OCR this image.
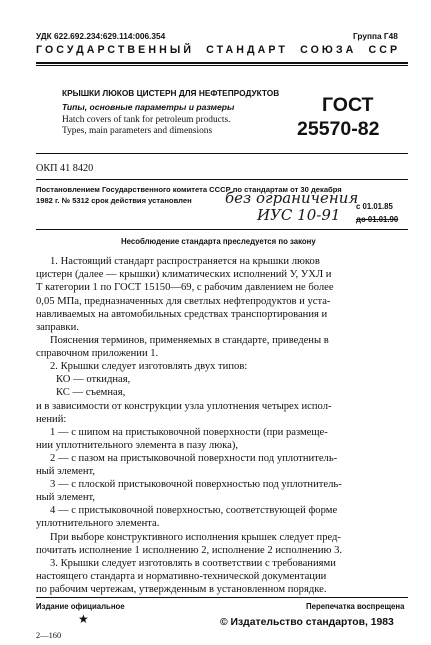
УДК 622.692.234:629.114:006.354	Группа Г48
ГОСУДАРСТВЕННЫЙ  СТАНДАРТ  СОЮЗА  ССР
КРЫШКИ ЛЮКОВ ЦИСТЕРН ДЛЯ НЕФТЕПРОДУКТОВ
Типы, основные параметры и размеры
Hatch covers of tank for petroleum products.
Types, main parameters and dimensions
ГОСТ
25570-82
ОКП 41 8420
Постановлением Государственного комитета СССР по стандартам от 30 декабря
1982 г. № 5312 срок действия установлен без ограничения
с 01.01.85
ИУС 10-91 до 01.01.90
Несоблюдение стандарта преследуется по закону
1. Настоящий стандарт распространяется на крышки люков
цистерн (далее — крышки) климатических исполнений У, УХЛ и
Т категории 1 по ГОСТ 15150—69, с рабочим давлением не более
0,05 МПа, предназначенных для светлых нефтепродуктов и уста-
навливаемых на автомобильных средствах транспортирования и
заправки.
Пояснения терминов, применяемых в стандарте, приведены в
справочном приложении 1.
2. Крышки следует изготовлять двух типов:
КО — откидная,
КС — съемная,
и в зависимости от конструкции узла уплотнения четырех испол-
нений:
1 — с шипом на пристыковочной поверхности (при размеще-
нии уплотнительного элемента в пазу люка),
2 — с пазом на пристыковочной поверхности под уплотнитель-
ный элемент,
3 — с плоской пристыковочной поверхностью под уплотнитель-
ный элемент,
4 — с пристыковочной поверхностью, соответствующей форме
уплотнительного элемента.
При выборе конструктивного исполнения крышек следует пред-
почитать исполнение 1 исполнению 2, исполнение 2 исполнению 3.
3. Крышки следует изготовлять в соответствии с требованиями
настоящего стандарта и нормативно-технической документации
по рабочим чертежам, утвержденным в установленном порядке.
Издание официальное	Перепечатка воспрещена
★	© Издательство стандартов, 1983
2—160
